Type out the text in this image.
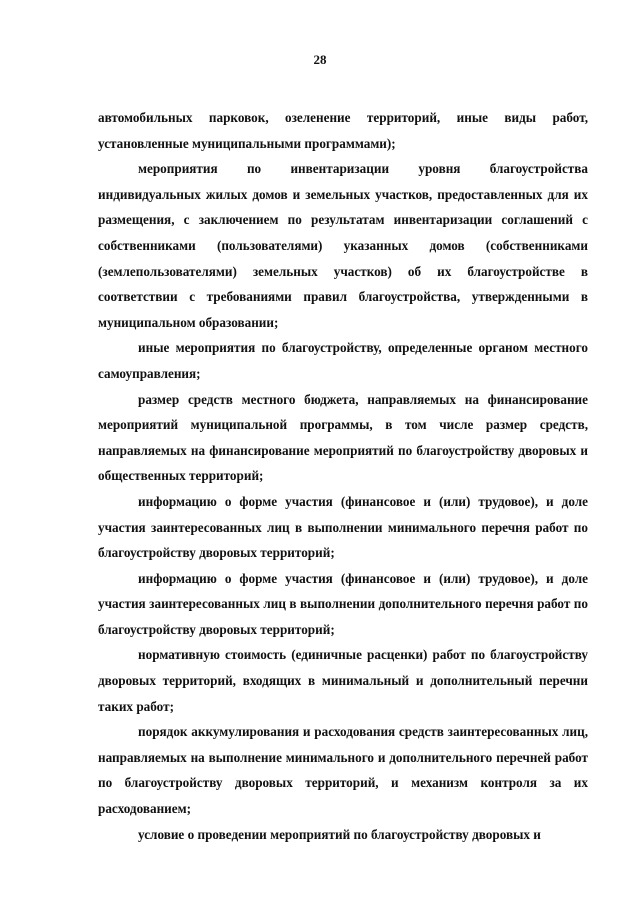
28

автомобильных парковок, озеленение территорий, иные виды работ, установленные муниципальными программами);

мероприятия по инвентаризации уровня благоустройства индивидуальных жилых домов и земельных участков, предоставленных для их размещения, с заключением по результатам инвентаризации соглашений с собственниками (пользователями) указанных домов (собственниками (землепользователями) земельных участков) об их благоустройстве в соответствии с требованиями правил благоустройства, утвержденными в муниципальном образовании;

иные мероприятия по благоустройству, определенные органом местного самоуправления;

размер средств местного бюджета, направляемых на финансирование мероприятий муниципальной программы, в том числе размер средств, направляемых на финансирование мероприятий по благоустройству дворовых и общественных территорий;

информацию о форме участия (финансовое и (или) трудовое), и доле участия заинтересованных лиц в выполнении минимального перечня работ по благоустройству дворовых территорий;

информацию о форме участия (финансовое и (или) трудовое), и доле участия заинтересованных лиц в выполнении дополнительного перечня работ по благоустройству дворовых территорий;

нормативную стоимость (единичные расценки) работ по благоустройству дворовых территорий, входящих в минимальный и дополнительный перечни таких работ;

порядок аккумулирования и расходования средств заинтересованных лиц, направляемых на выполнение минимального и дополнительного перечней работ по благоустройству дворовых территорий, и механизм контроля за их расходованием;

условие о проведении мероприятий по благоустройству дворовых и
